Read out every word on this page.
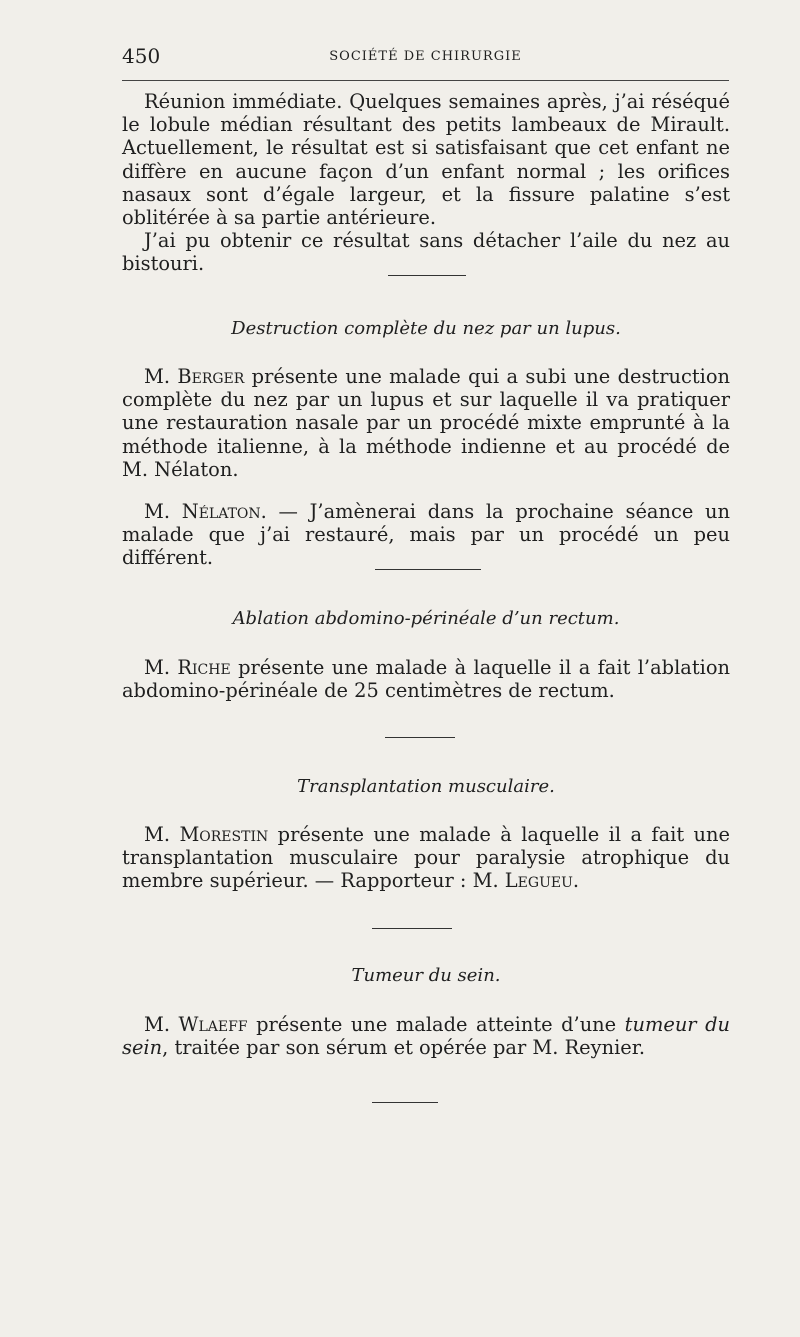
450	SOCIÉTÉ DE CHIRURGIE

Réunion immédiate. Quelques semaines après, j’ai réséqué le lobule médian résultant des petits lambeaux de Mirault. Actuellement, le résultat est si satisfaisant que cet enfant ne diffère en aucune façon d’un enfant normal ; les orifices nasaux sont d’égale largeur, et la fissure palatine s’est oblitérée à sa partie antérieure.

J’ai pu obtenir ce résultat sans détacher l’aile du nez au bistouri.

Destruction complète du nez par un lupus.

M. Berger présente une malade qui a subi une destruction complète du nez par un lupus et sur laquelle il va pratiquer une restauration nasale par un procédé mixte emprunté à la méthode italienne, à la méthode indienne et au procédé de M. Nélaton.

M. Nélaton. — J’amènerai dans la prochaine séance un malade que j’ai restauré, mais par un procédé un peu différent.

Ablation abdomino-périnéale d’un rectum.

M. Riche présente une malade à laquelle il a fait l’ablation abdomino-périnéale de 25 centimètres de rectum.

Transplantation musculaire.

M. Morestin présente une malade à laquelle il a fait une transplantation musculaire pour paralysie atrophique du membre supérieur. — Rapporteur : M. Legueu.

Tumeur du sein.

M. Wlaeff présente une malade atteinte d’une tumeur du sein, traitée par son sérum et opérée par M. Reynier.
